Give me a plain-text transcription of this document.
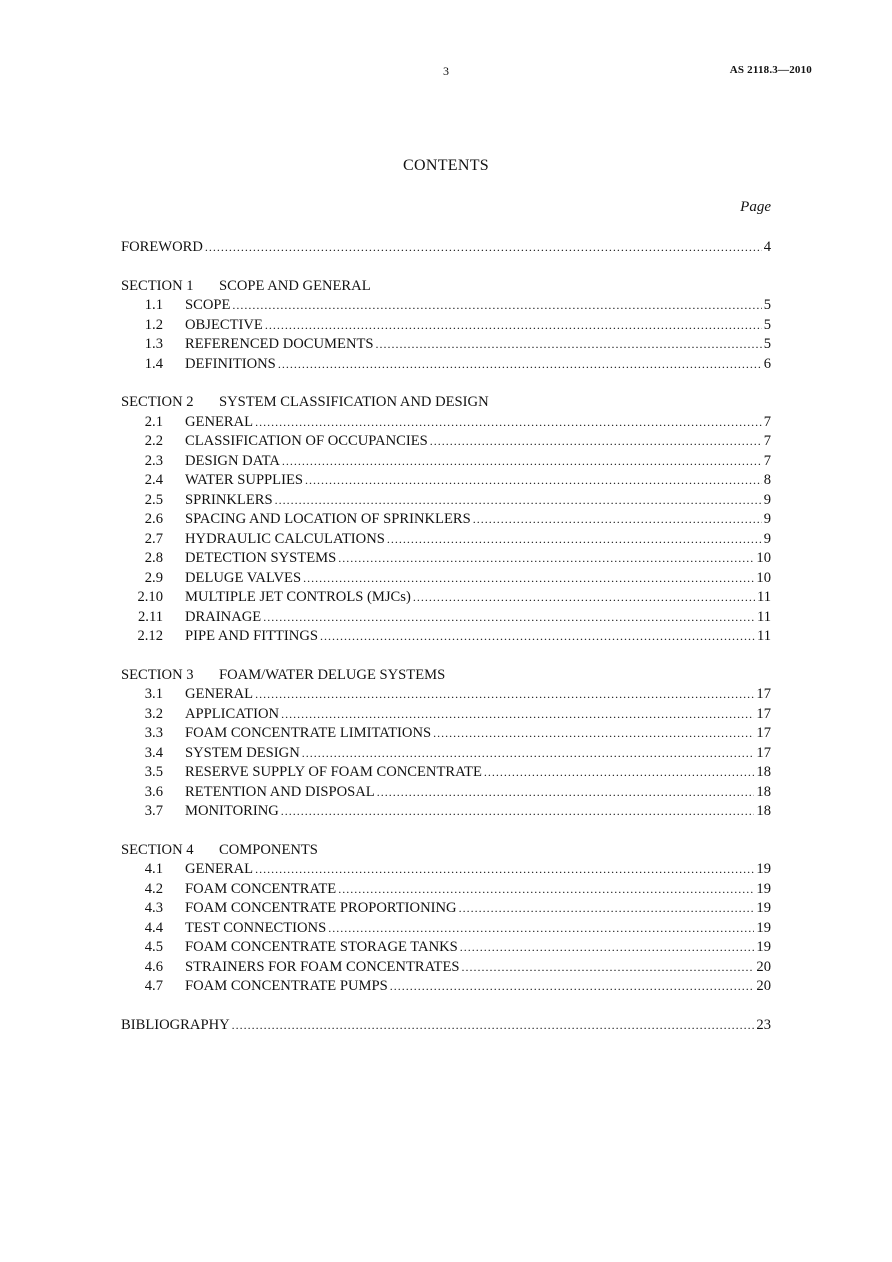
3	AS 2118.3—2010
CONTENTS
Page
FOREWORD .....	4
SECTION 1 SCOPE AND GENERAL
1.1	SCOPE .....	5
1.2	OBJECTIVE .....	5
1.3	REFERENCED DOCUMENTS .....	5
1.4	DEFINITIONS .....	6
SECTION 2 SYSTEM CLASSIFICATION AND DESIGN
2.1	GENERAL .....	7
2.2	CLASSIFICATION OF OCCUPANCIES .....	7
2.3	DESIGN DATA .....	7
2.4	WATER SUPPLIES .....	8
2.5	SPRINKLERS .....	9
2.6	SPACING AND LOCATION OF SPRINKLERS .....	9
2.7	HYDRAULIC CALCULATIONS .....	9
2.8	DETECTION SYSTEMS .....	10
2.9	DELUGE VALVES .....	10
2.10	MULTIPLE JET CONTROLS (MJCs) .....	11
2.11	DRAINAGE .....	11
2.12	PIPE AND FITTINGS .....	11
SECTION 3 FOAM/WATER DELUGE SYSTEMS
3.1	GENERAL .....	17
3.2	APPLICATION .....	17
3.3	FOAM CONCENTRATE LIMITATIONS .....	17
3.4	SYSTEM DESIGN .....	17
3.5	RESERVE SUPPLY OF FOAM CONCENTRATE .....	18
3.6	RETENTION AND DISPOSAL .....	18
3.7	MONITORING .....	18
SECTION 4 COMPONENTS
4.1	GENERAL .....	19
4.2	FOAM CONCENTRATE .....	19
4.3	FOAM CONCENTRATE PROPORTIONING .....	19
4.4	TEST CONNECTIONS .....	19
4.5	FOAM CONCENTRATE STORAGE TANKS .....	19
4.6	STRAINERS FOR FOAM CONCENTRATES .....	20
4.7	FOAM CONCENTRATE PUMPS .....	20
BIBLIOGRAPHY .....	23
